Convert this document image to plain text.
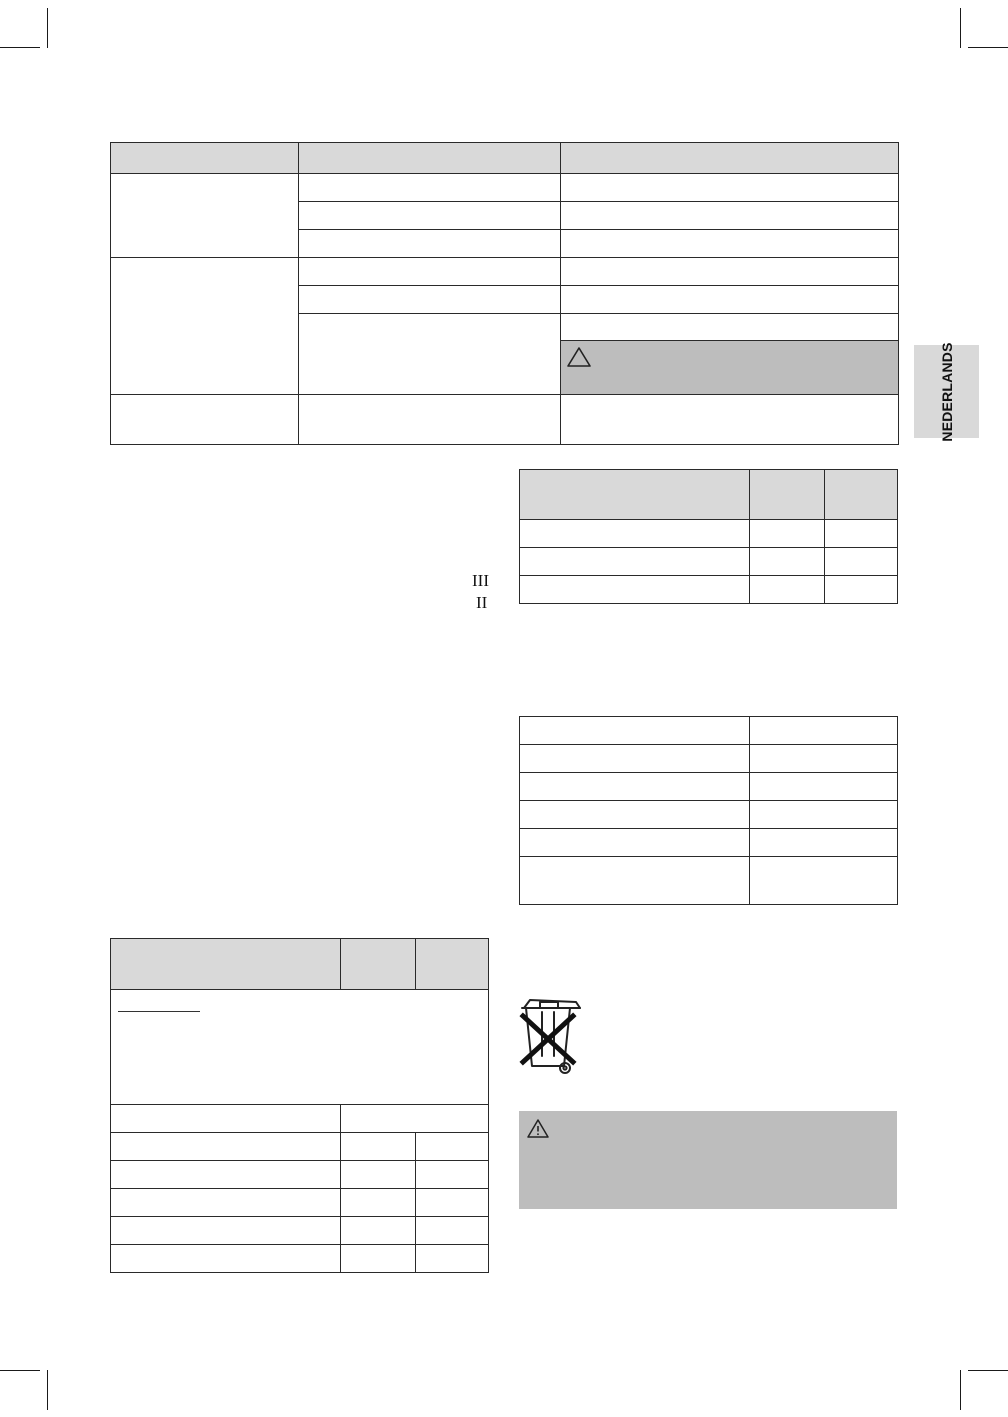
NEDERLANDS

III
II
